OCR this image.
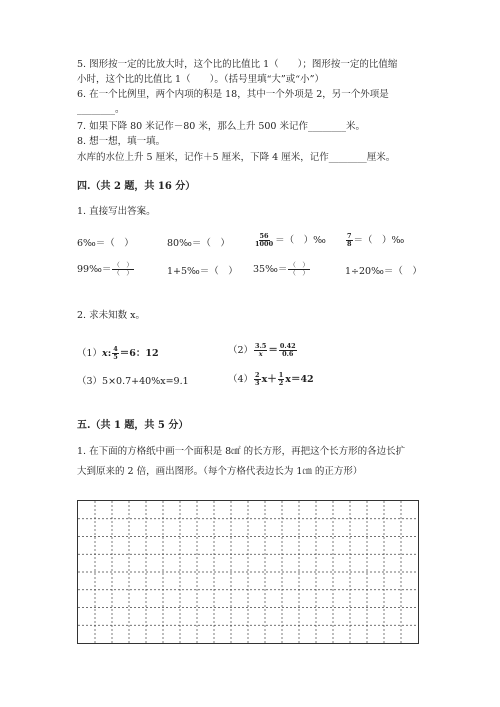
5. 图形按一定的比放大时，这个比的比值比 1（　　）；图形按一定的比值缩
小时，这个比的比值比 1（　　）。（括号里填“大”或“小”）
6. 在一个比例里，两个内项的积是 18，其中一个外项是 2，另一个外项是
________。
7. 如果下降 80 米记作－80 米，那么上升 500 米记作________米。
8. 想一想，填一填。
水库的水位上升 5 厘米，记作＋5 厘米，下降 4 厘米，记作________厘米。
四.（共 2 题，共 16 分）
1. 直接写出答案。
6‰＝（　）	80‰＝（　）	$\frac{56}{1000}$ ＝（　）‰	$\frac{7}{8}$ ＝（　）‰
99‰＝ $\frac{( )}{( )}$	1+5‰＝（　） 35‰＝ $\frac{( )}{( )}$	1÷20‰＝（　）
2. 求未知数 x。
（1）x: $\frac{4}{5} =6$：12	$(2) \frac{3.5}{x} = \frac{0.42}{0.6}$
（3）5×0.7+40%x=9.1	$(4) \frac{2}{3} x+ \frac{1}{2} x=42$
五.（共 1 题，共 5 分）
1. 在下面的方格纸中画一个面积是 8㎠ 的长方形，再把这个长方形的各边长扩
大到原来的 2 倍，画出图形。（每个方格代表边长为 1㎝ 的正方形）
